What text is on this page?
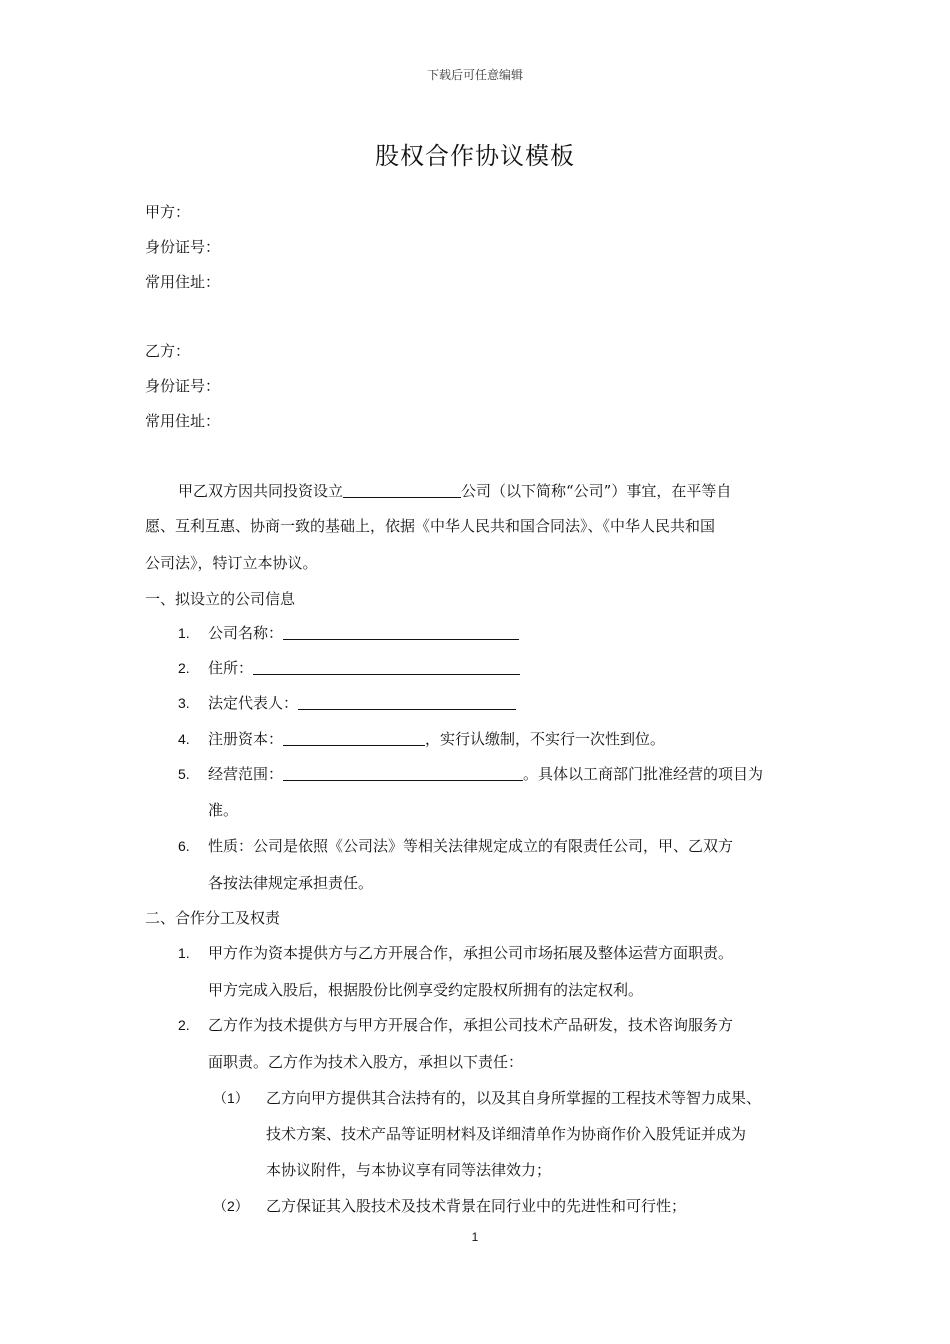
下载后可任意编辑
股权合作协议模板
甲方：
身份证号：
常用住址：
乙方：
身份证号：
常用住址：
甲乙双方因共同投资设立	公司（以下简称“公司”）事宜，在平等自
愿、互利互惠、协商一致的基础上，依据《中华人民共和国合同法》、《中华人民共和国
公司法》，特订立本协议。
一、拟设立的公司信息
1. 公司名称：
2. 住所：
3. 法定代表人：
4. 注册资本：	，实行认缴制，不实行一次性到位。
5. 经营范围：	。具体以工商部门批准经营的项目为
准。
6. 性质：公司是依照《公司法》等相关法律规定成立的有限责任公司，甲、乙双方
各按法律规定承担责任。
二、合作分工及权责
1. 甲方作为资本提供方与乙方开展合作，承担公司市场拓展及整体运营方面职责。
甲方完成入股后，根据股份比例享受约定股权所拥有的法定权利。
2. 乙方作为技术提供方与甲方开展合作，承担公司技术产品研发，技术咨询服务方
面职责。乙方作为技术入股方，承担以下责任：
（1） 乙方向甲方提供其合法持有的，以及其自身所掌握的工程技术等智力成果、
技术方案、技术产品等证明材料及详细清单作为协商作价入股凭证并成为
本协议附件，与本协议享有同等法律效力；
（2） 乙方保证其入股技术及技术背景在同行业中的先进性和可行性；
1
